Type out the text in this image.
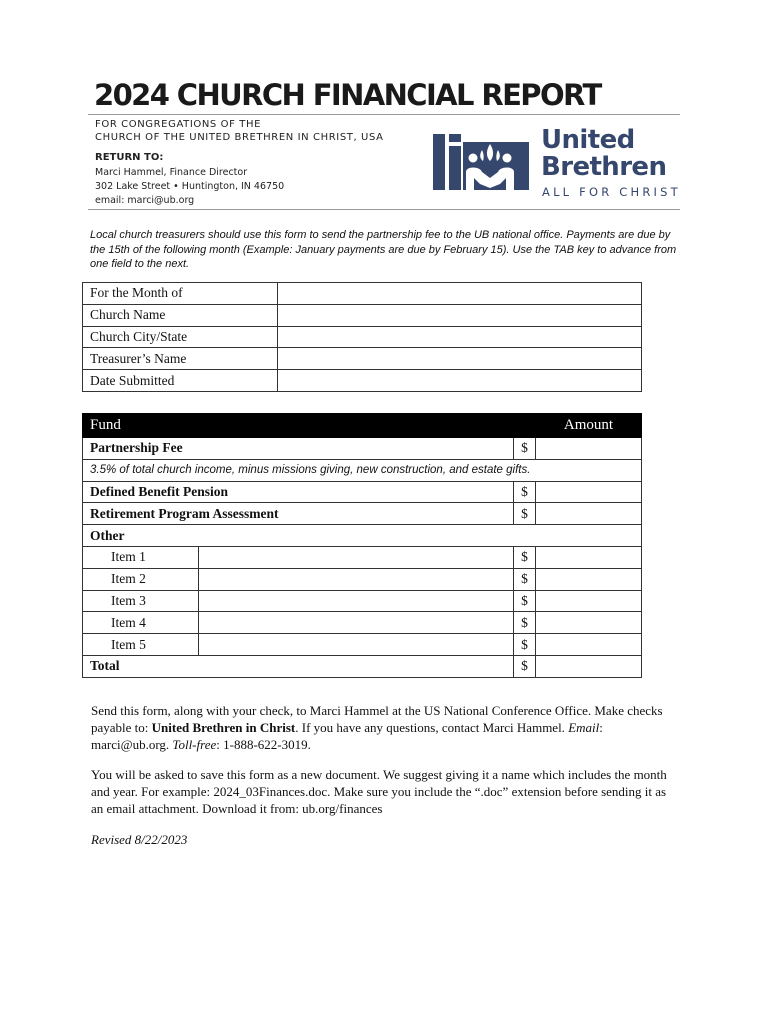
2024 CHURCH FINANCIAL REPORT
FOR CONGREGATIONS OF THE
CHURCH OF THE UNITED BRETHREN IN CHRIST, USA
RETURN TO:
Marci Hammel, Finance Director
302 Lake Street • Huntington, IN 46750
email: marci@ub.org
United
Brethren
ALL FOR CHRIST

Local church treasurers should use this form to send the partnership fee to the UB national office. Payments are due by the 15th of the following month (Example: January payments are due by February 15). Use the TAB key to advance from one field to the next.

For the Month of	
Church Name	
Church City/State	
Treasurer’s Name	
Date Submitted	
Fund			Amount
Partnership Fee		$	
3.5% of total church income, minus missions giving, new construction, and estate gifts.			
Defined Benefit Pension		$	
Retirement Program Assessment		$	
Other			
Item 1		$	
Item 2		$	
Item 3		$	
Item 4		$	
Item 5		$	
Total		$	

Send this form, along with your check, to Marci Hammel at the US National Conference Office. Make checks payable to: United Brethren in Christ. If you have any questions, contact Marci Hammel. Email: marci@ub.org. Toll-free: 1-888-622-3019.

You will be asked to save this form as a new document. We suggest giving it a name which includes the month and year. For example: 2024_03Finances.doc. Make sure you include the “.doc” extension before sending it as an email attachment. Download it from: ub.org/finances

Revised 8/22/2023
